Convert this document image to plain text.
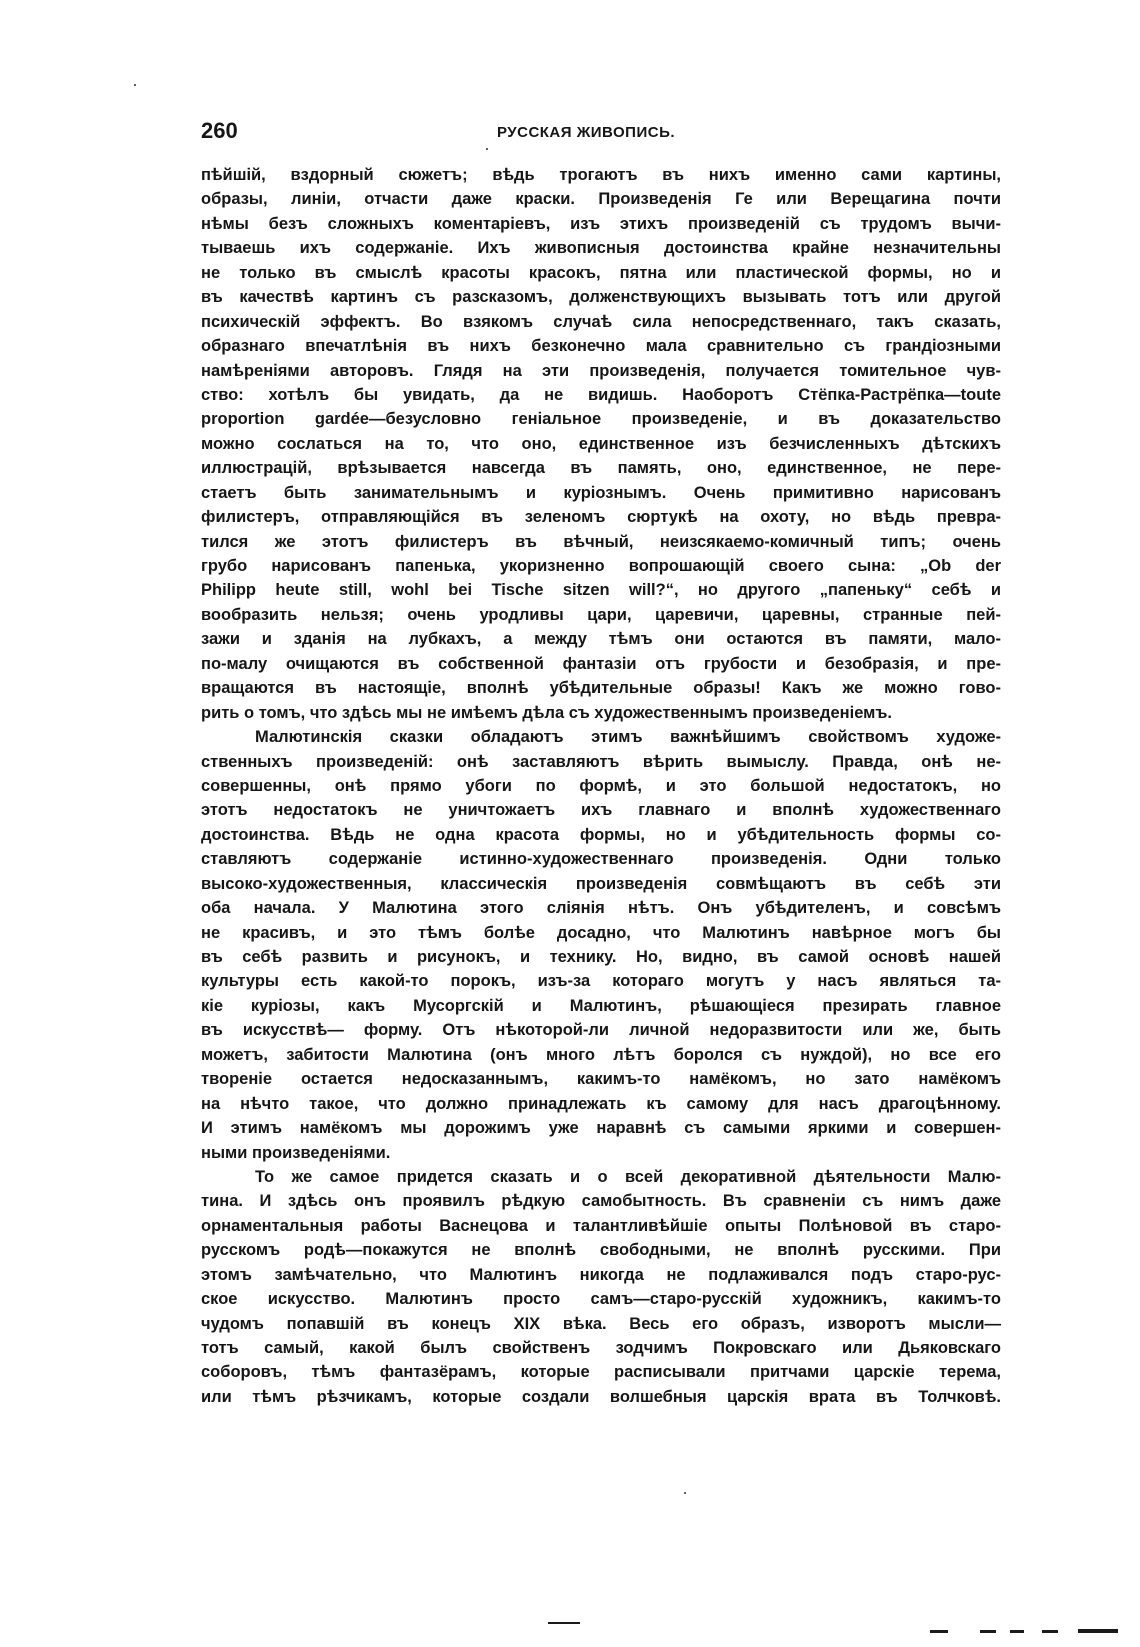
260	РУССКАЯ ЖИВОПИСЬ.
пѣйшій, вздорный сюжетъ; вѣдь трогаютъ въ нихъ именно сами картины,
образы, линіи, отчасти даже краски. Произведенія Ге или Верещагина почти
нѣмы безъ сложныхъ коментаріевъ, изъ этихъ произведеній съ трудомъ вычи-
тываешь ихъ содержаніе. Ихъ живописныя достоинства крайне незначительны
не только въ смыслѣ красоты красокъ, пятна или пластической формы, но и
въ качествѣ картинъ съ разсказомъ, долженствующихъ вызывать тотъ или другой
психическій эффектъ. Во взякомъ случаѣ сила непосредственнаго, такъ сказать,
образнаго впечатлѣнія въ нихъ безконечно мала сравнительно съ грандіозными
намѣреніями авторовъ. Глядя на эти произведенія, получается томительное чув-
ство: хотѣлъ бы увидать, да не видишь. Наоборотъ Стёпка-Растрёпка—toute
proportion gardée—безусловно геніальное произведеніе, и въ доказательство
можно сослаться на то, что оно, единственное изъ безчисленныхъ дѣтскихъ
иллюстрацій, врѣзывается навсегда въ память, оно, единственное, не пере-
стаетъ быть занимательнымъ и куріознымъ. Очень примитивно нарисованъ
филистеръ, отправляющійся въ зеленомъ сюртукѣ на охоту, но вѣдь превра-
тился же этотъ филистеръ въ вѣчный, неизсякаемо-комичный типъ; очень
грубо нарисованъ папенька, укоризненно вопрошающій своего сына: „Ob der
Philipp heute still, wohl bei Tische sitzen will?“, но другого „папеньку“ себѣ и
вообразить нельзя; очень уродливы цари, царевичи, царевны, странные пей-
зажи и зданія на лубкахъ, а между тѣмъ они остаются въ памяти, мало-
по-малу очищаются въ собственной фантазіи отъ грубости и безобразія, и пре-
вращаются въ настоящіе, вполнѣ убѣдительные образы! Какъ же можно гово-
рить о томъ, что здѣсь мы не имѣемъ дѣла съ художественнымъ произведеніемъ.
Малютинскія сказки обладаютъ этимъ важнѣйшимъ свойствомъ художе-
ственныхъ произведеній: онѣ заставляютъ вѣрить вымыслу. Правда, онѣ не-
совершенны, онѣ прямо убоги по формѣ, и это большой недостатокъ, но
этотъ недостатокъ не уничтожаетъ ихъ главнаго и вполнѣ художественнаго
достоинства. Вѣдь не одна красота формы, но и убѣдительность формы со-
ставляютъ содержаніе истинно-художественнаго произведенія. Одни только
высоко-художественныя, классическія произведенія совмѣщаютъ въ себѣ эти
оба начала. У Малютина этого слiянія нѣтъ. Онъ убѣдителенъ, и совсѣмъ
не красивъ, и это тѣмъ болѣе досадно, что Малютинъ навѣрное могъ бы
въ себѣ развить и рисунокъ, и технику. Но, видно, въ самой основѣ нашей
культуры есть какой-то порокъ, изъ-за котораго могутъ у насъ являться та-
кіе куріозы, какъ Мусоргскій и Малютинъ, рѣшающіеся презирать главное
въ искусствѣ— форму. Отъ нѣкоторой-ли личной недоразвитости или же, быть
можетъ, забитости Малютина (онъ много лѣтъ боролся съ нуждой), но все его
твореніе остается недосказаннымъ, какимъ-то намёкомъ, но зато намёкомъ
на нѣчто такое, что должно принадлежать къ самому для насъ драгоцѣнному.
И этимъ намёкомъ мы дорожимъ уже наравнѣ съ самыми яркими и совершен-
ными произведеніями.
То же самое придется сказать и о всей декоративной дѣятельности Малю-
тина. И здѣсь онъ проявилъ рѣдкую самобытность. Въ сравненіи съ нимъ даже
орнаментальныя работы Васнецова и талантливѣйшіе опыты Полѣновой въ старо-
русскомъ родѣ—покажутся не вполнѣ свободными, не вполнѣ русскими. При
этомъ замѣчательно, что Малютинъ никогда не подлаживался подъ старо-рус-
ское искусство. Малютинъ просто самъ—старо-русскій художникъ, какимъ-то
чудомъ попавшій въ конецъ XIX вѣка. Весь его образъ, изворотъ мысли—
тотъ самый, какой былъ свойственъ зодчимъ Покровскаго или Дьяковскаго
соборовъ, тѣмъ фантазёрамъ, которые расписывали притчами царскіе терема,
или тѣмъ рѣзчикамъ, которые создали волшебныя царскія врата въ Толчковѣ.
